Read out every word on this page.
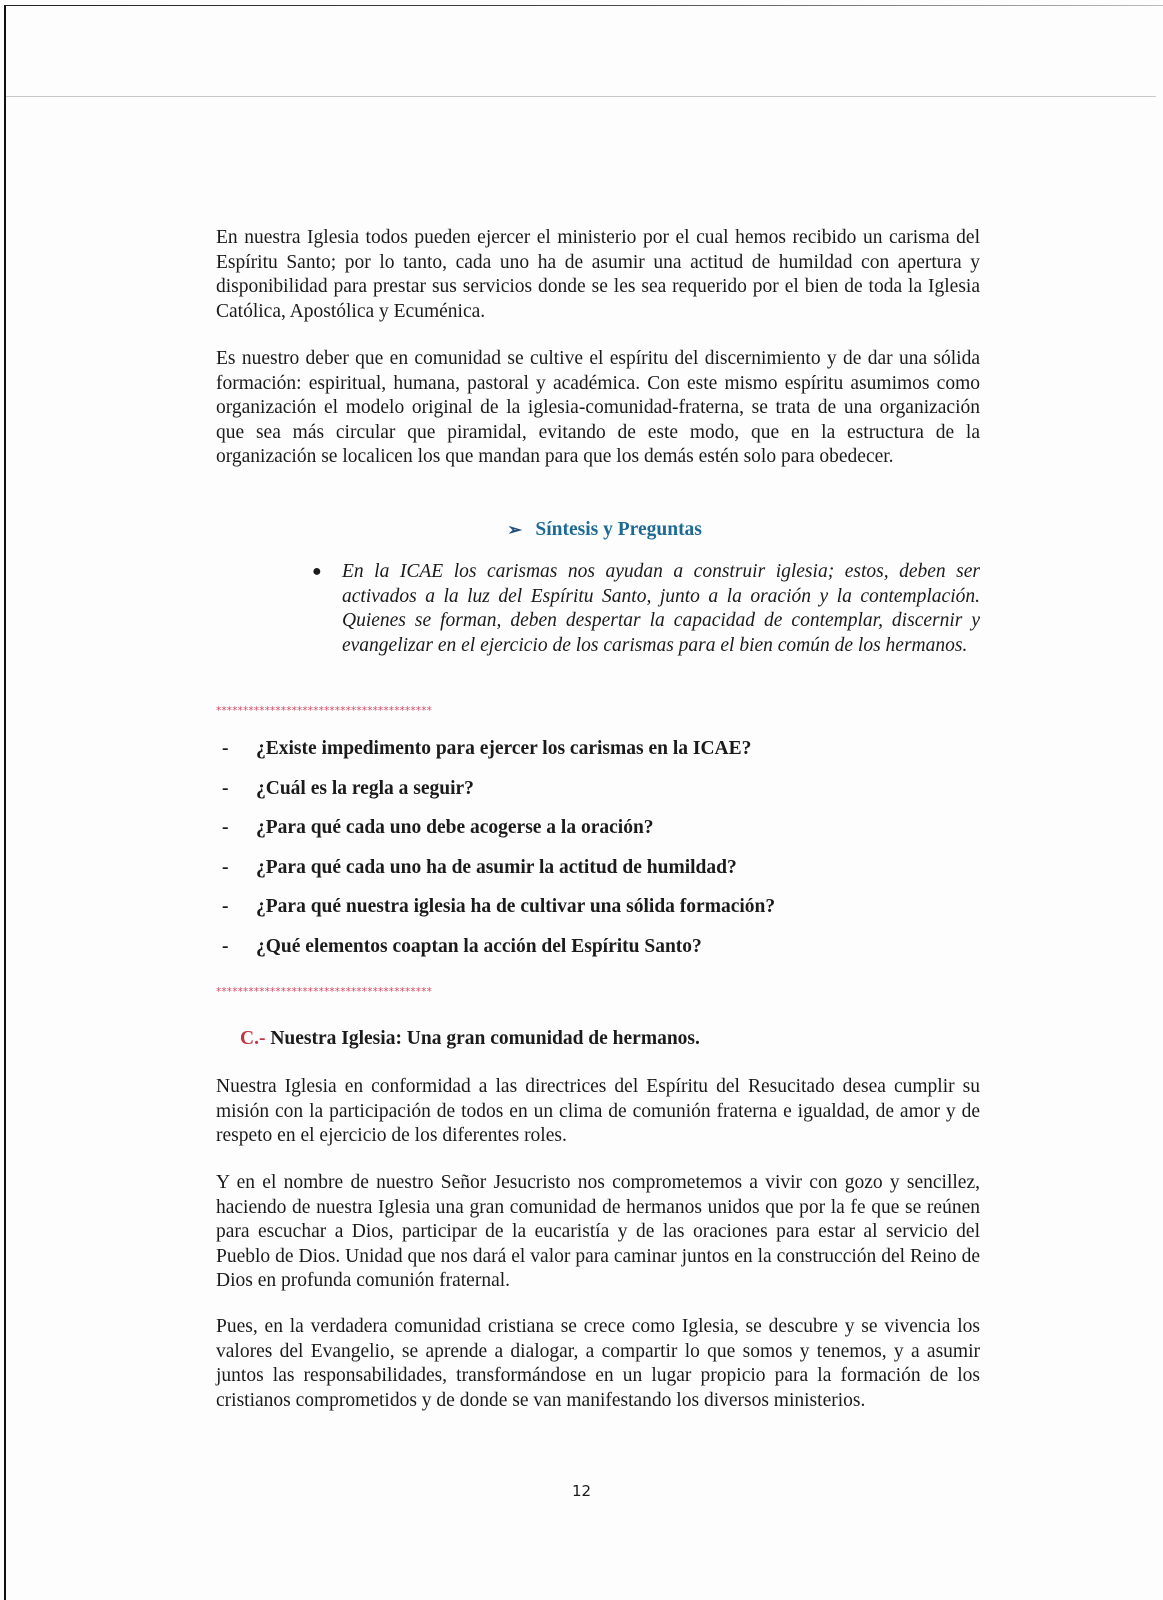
En nuestra Iglesia todos pueden ejercer el ministerio por el cual hemos recibido un carisma del Espíritu Santo; por lo tanto, cada uno ha de asumir una actitud de humildad con apertura y disponibilidad para prestar sus servicios donde se les sea requerido por el bien de toda la Iglesia Católica, Apostólica y Ecuménica.

Es nuestro deber que en comunidad se cultive el espíritu del discernimiento y de dar una sólida formación: espiritual, humana, pastoral y académica. Con este mismo espíritu asumimos como organización el modelo original de la iglesia-comunidad-fraterna, se trata de una organización que sea más circular que piramidal, evitando de este modo, que en la estructura de la organización se localicen los que mandan para que los demás estén solo para obedecer.

➢ Síntesis y Preguntas
● En la ICAE los carismas nos ayudan a construir iglesia; estos, deben ser activados a la luz del Espíritu Santo, junto a la oración y la contemplación. Quienes se forman, deben despertar la capacidad de contemplar, discernir y evangelizar en el ejercicio de los carismas para el bien común de los hermanos.
****************************************
- ¿Existe impedimento para ejercer los carismas en la ICAE?
- ¿Cuál es la regla a seguir?
- ¿Para qué cada uno debe acogerse a la oración?
- ¿Para qué cada uno ha de asumir la actitud de humildad?
- ¿Para qué nuestra iglesia ha de cultivar una sólida formación?
- ¿Qué elementos coaptan la acción del Espíritu Santo?
****************************************
C.- Nuestra Iglesia: Una gran comunidad de hermanos.

Nuestra Iglesia en conformidad a las directrices del Espíritu del Resucitado desea cumplir su misión con la participación de todos en un clima de comunión fraterna e igualdad, de amor y de respeto en el ejercicio de los diferentes roles.

Y en el nombre de nuestro Señor Jesucristo nos comprometemos a vivir con gozo y sencillez, haciendo de nuestra Iglesia una gran comunidad de hermanos unidos que por la fe que se reúnen para escuchar a Dios, participar de la eucaristía y de las oraciones para estar al servicio del Pueblo de Dios. Unidad que nos dará el valor para caminar juntos en la construcción del Reino de Dios en profunda comunión fraternal.

Pues, en la verdadera comunidad cristiana se crece como Iglesia, se descubre y se vivencia los valores del Evangelio, se aprende a dialogar, a compartir lo que somos y tenemos, y a asumir juntos las responsabilidades, transformándose en un lugar propicio para la formación de los cristianos comprometidos y de donde se van manifestando los diversos ministerios.

12
